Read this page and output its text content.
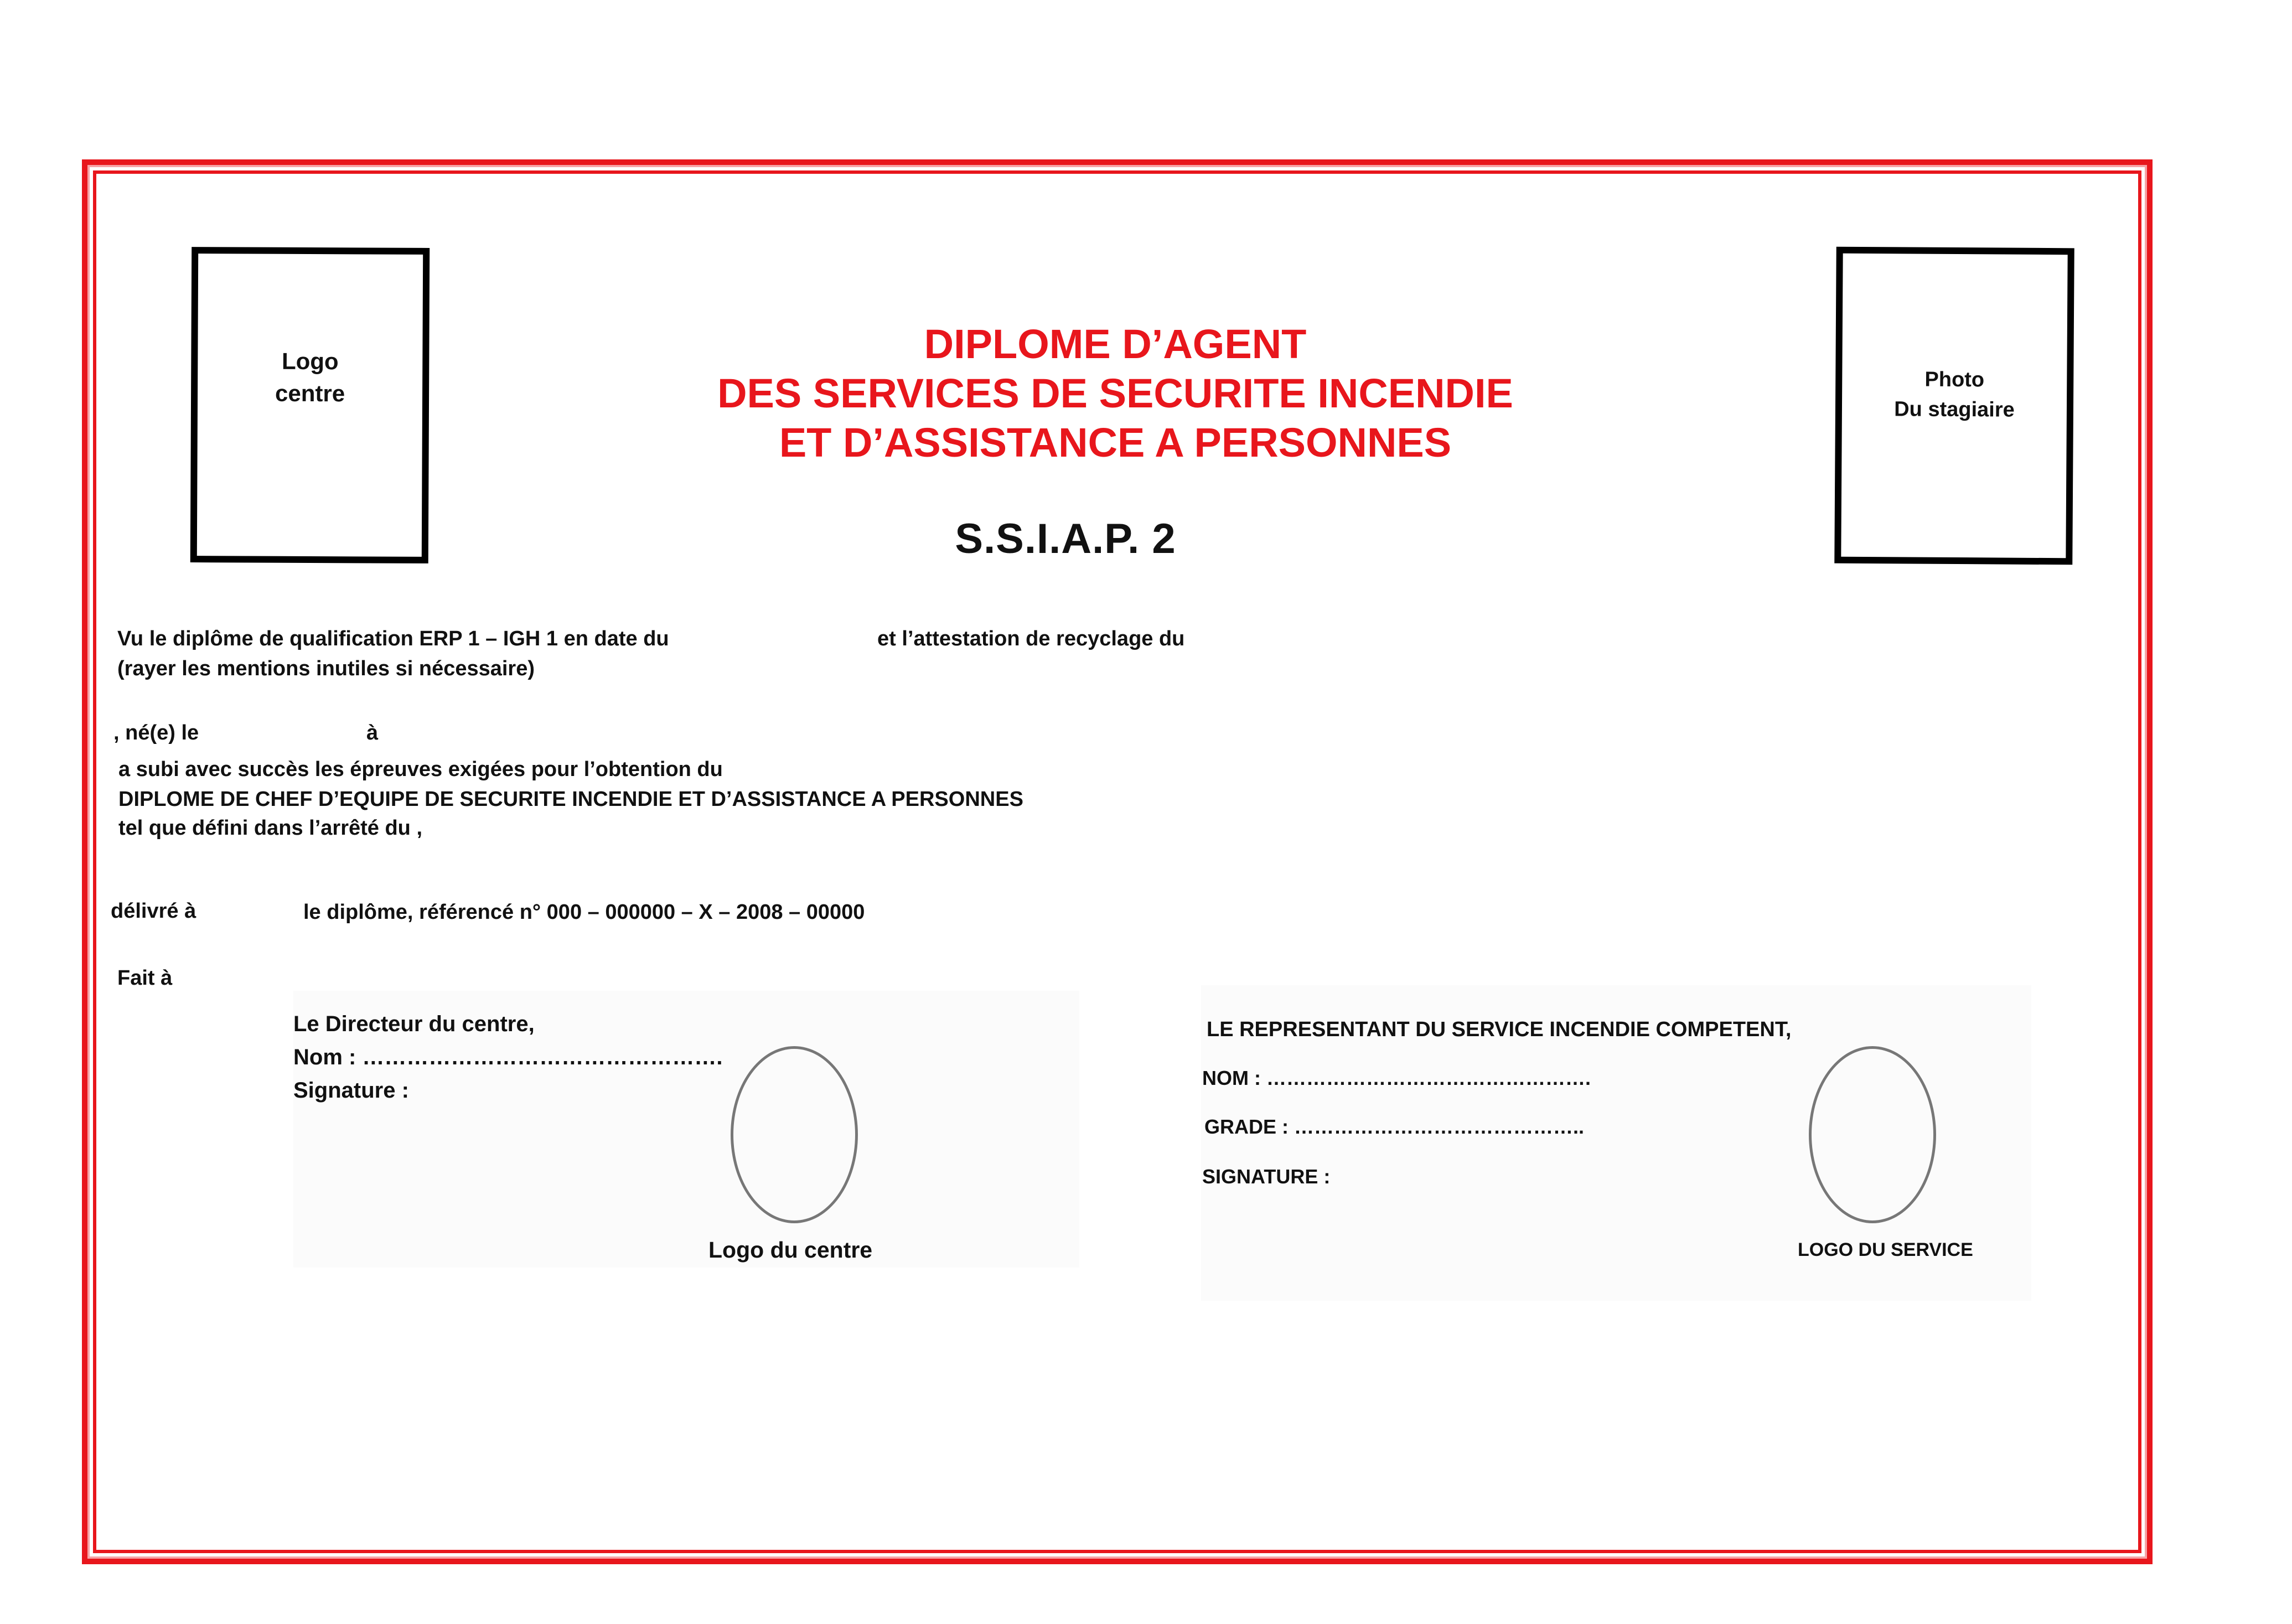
Logo
centre
Photo
Du stagiaire
DIPLOME D’AGENT
DES SERVICES DE SECURITE INCENDIE
ET D’ASSISTANCE A PERSONNES
S.S.I.A.P. 2
Vu le diplôme de qualification ERP 1 – IGH 1 en date du	et l’attestation de recyclage du
(rayer les mentions inutiles si nécessaire)
, né(e) le	à
a subi avec succès les épreuves exigées pour l’obtention du
DIPLOME DE CHEF D’EQUIPE DE SECURITE INCENDIE ET D’ASSISTANCE A PERSONNES
tel que défini dans l’arrêté du ,
délivré à	le diplôme, référencé n° 000 – 000000 – X – 2008 – 00000
Fait à
Le Directeur du centre,
Nom : ………………………………………….
Signature :
Logo du centre
LE REPRESENTANT DU SERVICE INCENDIE COMPETENT,
NOM : ………………………………………….
GRADE : ……………………………………..
SIGNATURE :
LOGO DU SERVICE
